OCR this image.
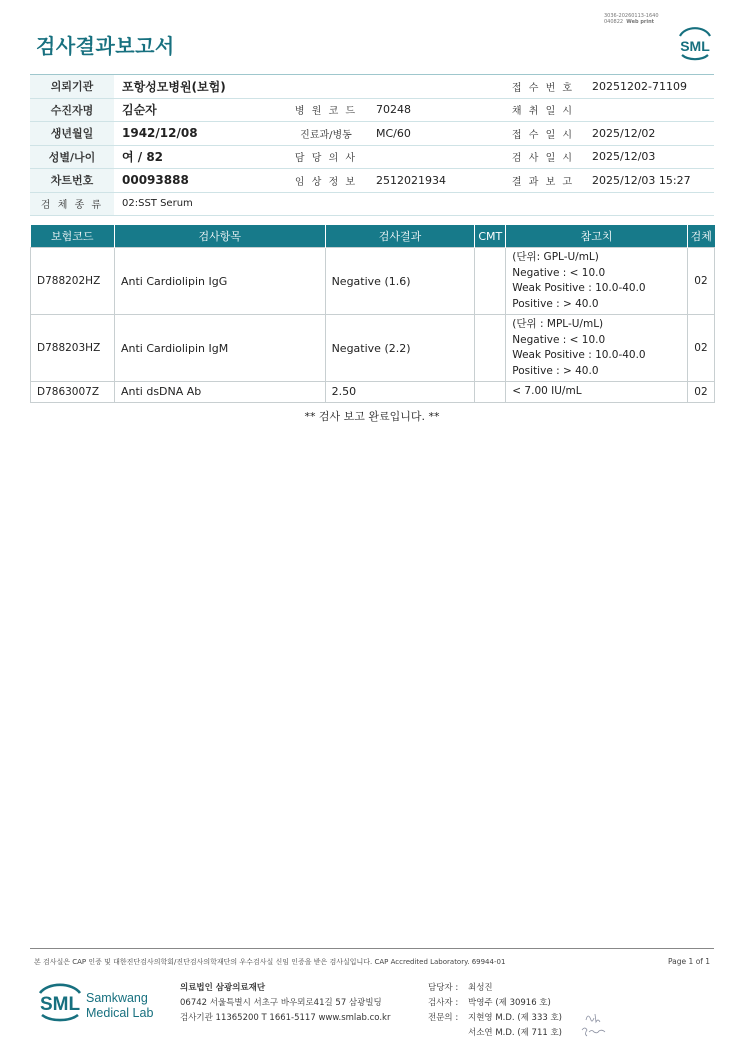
검사결과보고서
3036-20260113-1640
040822 Web print
SML
의뢰기관	포항성모병원(보험)			접 수 번 호	20251202-71109
수진자명	김순자	병 원 코 드	70248	채 취 일 시	
생년월일	1942/12/08	진료과/병동	MC/60	접 수 일 시	2025/12/02
성별/나이	여 / 82	담 당 의 사		검 사 일 시	2025/12/03
차트번호	00093888	임 상 정 보	2512021934	결 과 보 고	2025/12/03 15:27
검 체 종 류	02:SST Serum				
보험코드	검사항목	검사결과	CMT	참고치	검체
D788202HZ	Anti Cardiolipin IgG	Negative (1.6)		(단위: GPL-U/mL)
Negative : < 10.0
Weak Positive : 10.0-40.0
Positive : > 40.0	02
D788203HZ	Anti Cardiolipin IgM	Negative (2.2)		(단위 : MPL-U/mL)
Negative : < 10.0
Weak Positive : 10.0-40.0
Positive : > 40.0	02
D7863007Z	Anti dsDNA Ab	2.50		< 7.00 IU/mL	02
** 검사 보고 완료입니다. **
본 검사실은 CAP 인증 및 대한진단검사의학회/진단검사의학재단의 우수검사실 신임 인증을 받은 검사실입니다. CAP Accredited Laboratory. 69944-01	Page 1 of 1
SML Samkwang
Medical Lab
의료법인 삼광의료재단
06742 서울특별시 서초구 바우뫼로41길 57 삼광빌딩
검사기관 11365200 T 1661-5117 www.smlab.co.kr
담당자 : 최성진
검사자 : 박영주 (제 30916 호)
전문의 : 지현영 M.D. (제 333 호)
서소연 M.D. (제 711 호)
